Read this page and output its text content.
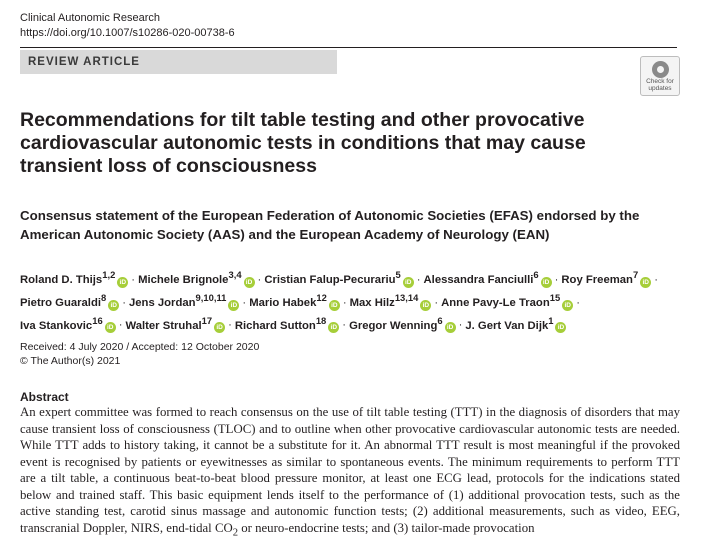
Clinical Autonomic Research
https://doi.org/10.1007/s10286-020-00738-6
REVIEW ARTICLE
Check for
updates
Recommendations for tilt table testing and other provocative cardiovascular autonomic tests in conditions that may cause transient loss of consciousness
Consensus statement of the European Federation of Autonomic Societies (EFAS) endorsed by the American Autonomic Society (AAS) and the European Academy of Neurology (EAN)
Roland D. Thijs$^{1,2}$iD · Michele Brignole$^{3,4}$iD · Cristian Falup-Pecurariu$^5$iD · Alessandra Fanciulli$^6$iD · Roy Freeman$^7$iD ·
Pietro Guaraldi$^8$iD · Jens Jordan$^{9,10,11}$iD · Mario Habek$^{12}$iD · Max Hilz$^{13,14}$iD · Anne Pavy-Le Traon$^{15}$iD ·
Iva Stankovic$^{16}$iD · Walter Struhal$^{17}$iD · Richard Sutton$^{18}$iD · Gregor Wenning$^6$iD · J. Gert Van Dijk$^1$iD
Received: 4 July 2020 / Accepted: 12 October 2020
© The Author(s) 2021
Abstract

An expert committee was formed to reach consensus on the use of tilt table testing (TTT) in the diagnosis of disorders that may cause transient loss of consciousness (TLOC) and to outline when other provocative cardiovascular autonomic tests are needed. While TTT adds to history taking, it cannot be a substitute for it. An abnormal TTT result is most meaningful if the provoked event is recognised by patients or eyewitnesses as similar to spontaneous events. The minimum requirements to perform TTT are a tilt table, a continuous beat-to-beat blood pressure monitor, at least one ECG lead, protocols for the indications stated below and trained staff. This basic equipment lends itself to the performance of (1) additional provocation tests, such as the active standing test, carotid sinus massage and autonomic function tests; (2) additional measurements, such as video, EEG, transcranial Doppler, NIRS, end-tidal $CO_2$ or neuro-endocrine tests; and (3) tailor-made provocation
